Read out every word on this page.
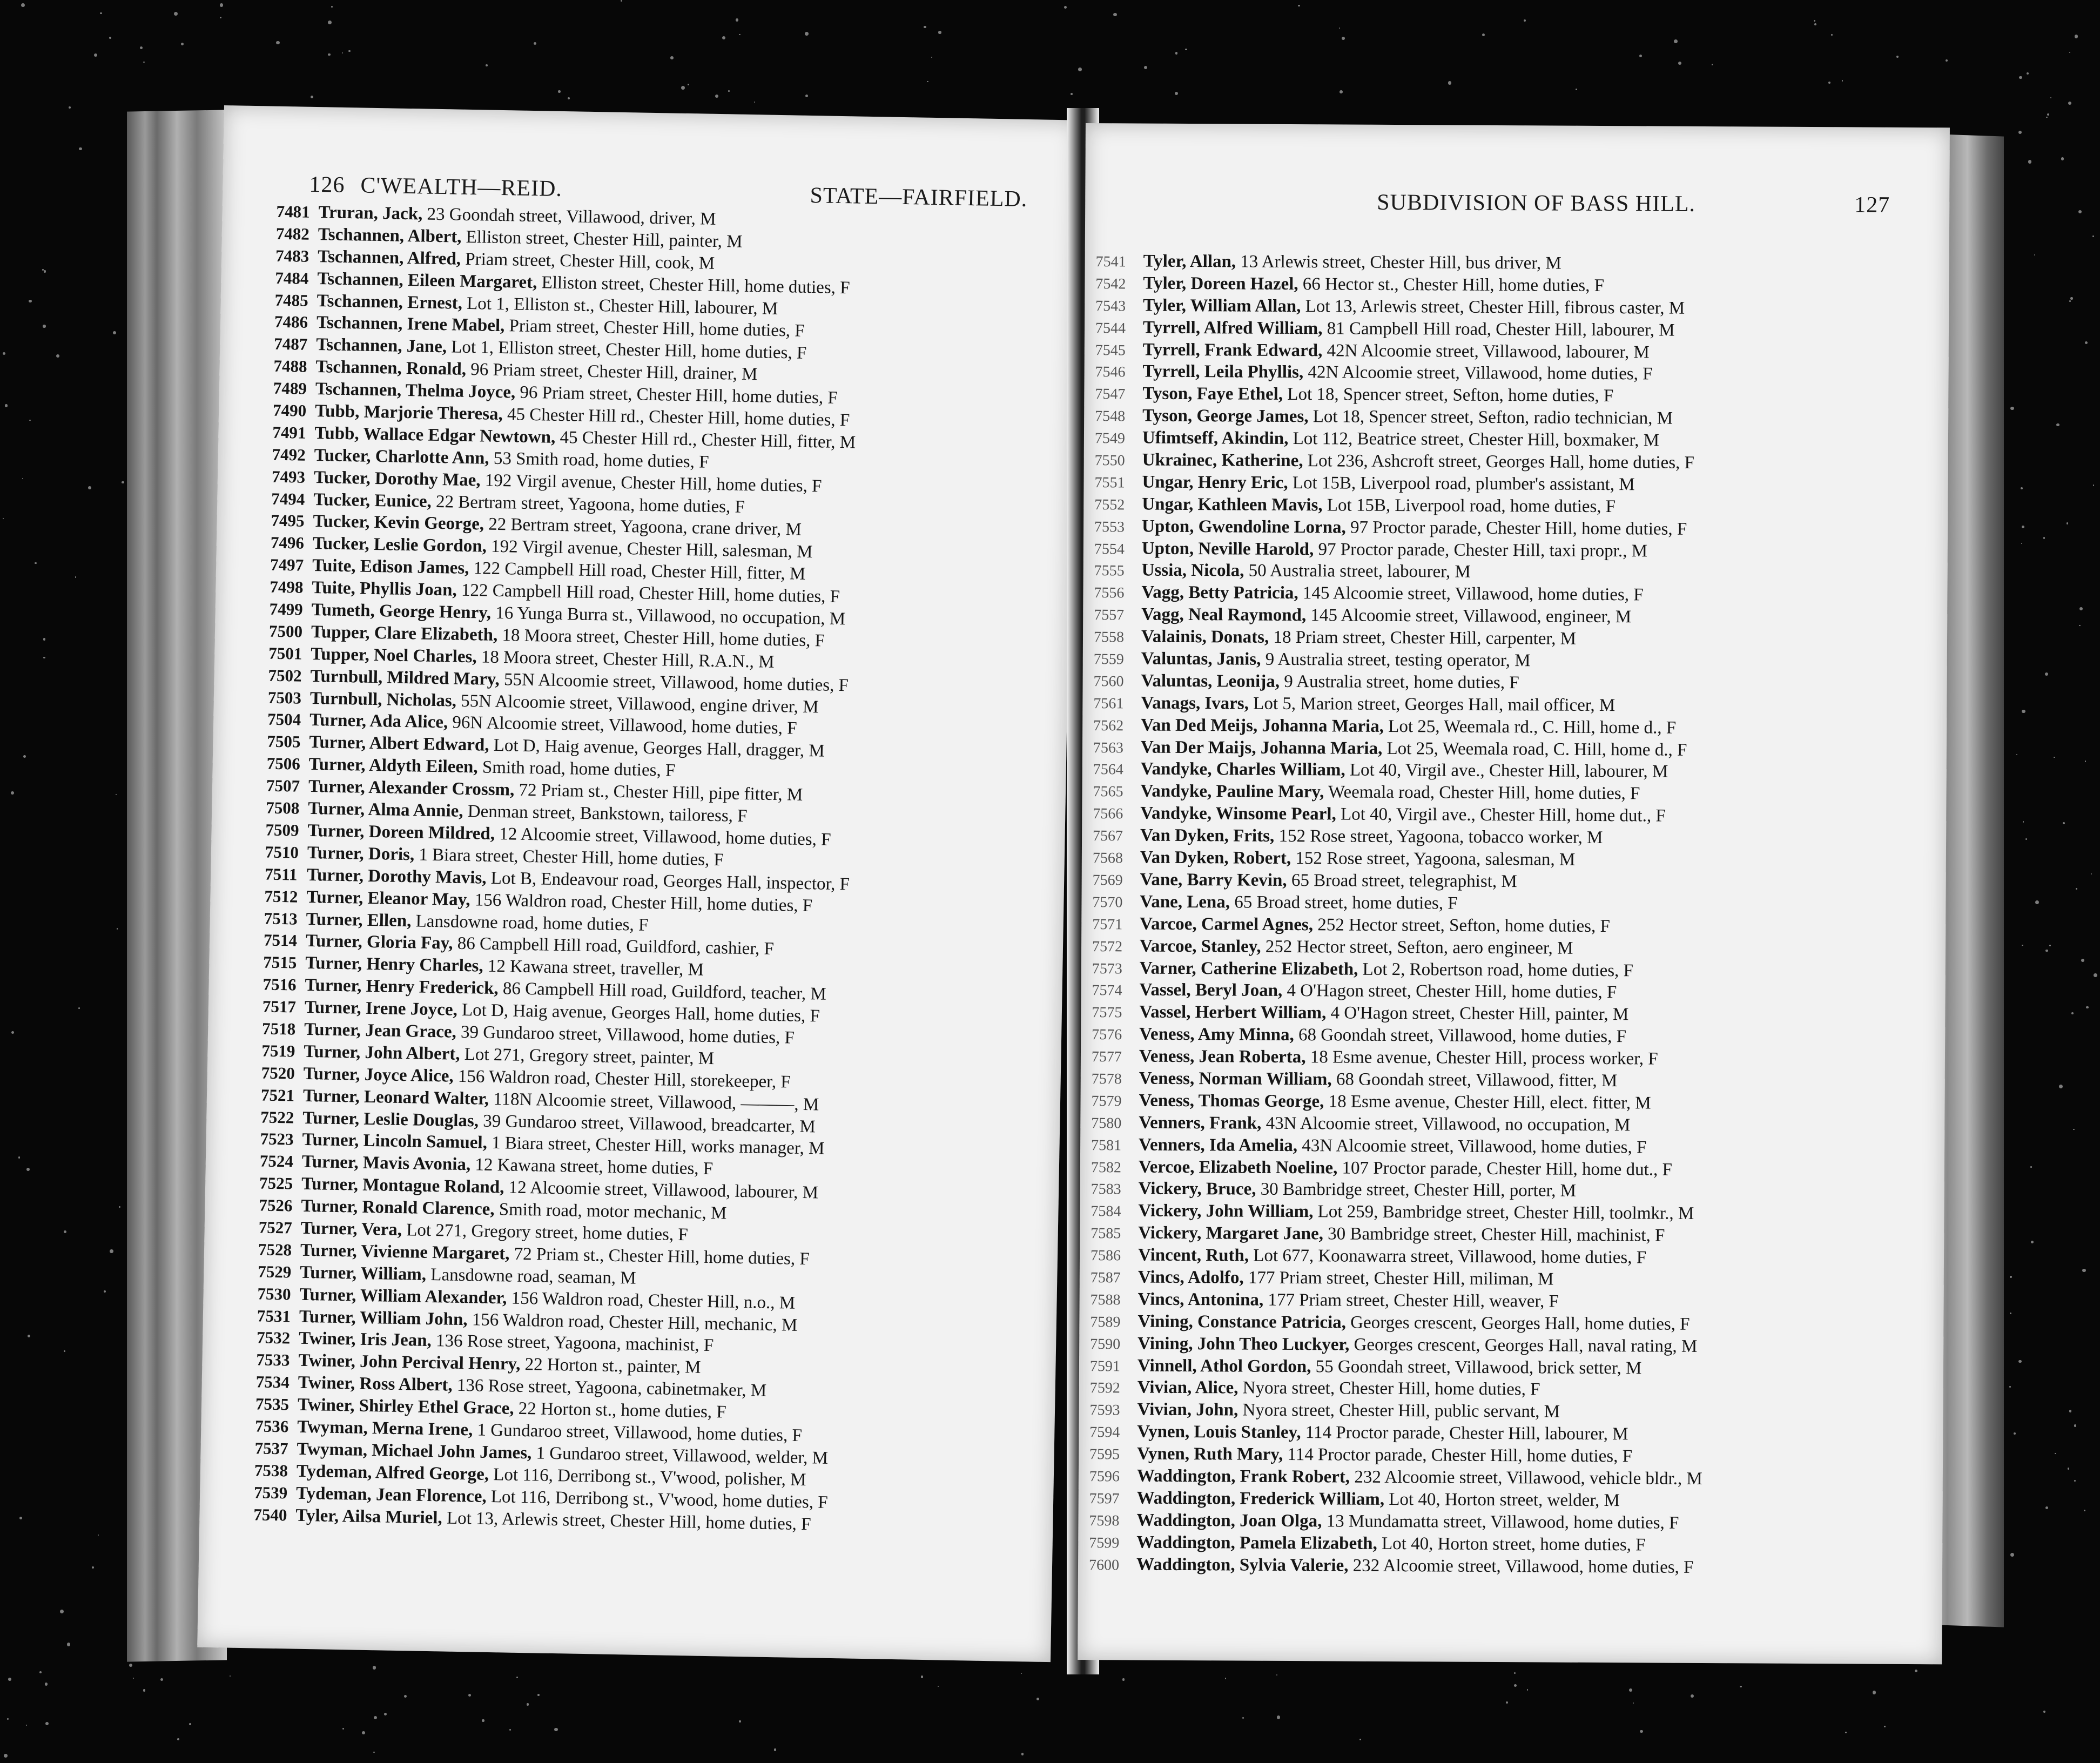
126 C'WEALTH—REID.	STATE—FAIRFIELD.
7481 Truran, Jack, 23 Goondah street, Villawood, driver, M
7482 Tschannen, Albert, Elliston street, Chester Hill, painter, M
7483 Tschannen, Alfred, Priam street, Chester Hill, cook, M
7484 Tschannen, Eileen Margaret, Elliston street, Chester Hill, home duties, F
7485 Tschannen, Ernest, Lot 1, Elliston st., Chester Hill, labourer, M
7486 Tschannen, Irene Mabel, Priam street, Chester Hill, home duties, F
7487 Tschannen, Jane, Lot 1, Elliston street, Chester Hill, home duties, F
7488 Tschannen, Ronald, 96 Priam street, Chester Hill, drainer, M
7489 Tschannen, Thelma Joyce, 96 Priam street, Chester Hill, home duties, F
7490 Tubb, Marjorie Theresa, 45 Chester Hill rd., Chester Hill, home duties, F
7491 Tubb, Wallace Edgar Newtown, 45 Chester Hill rd., Chester Hill, fitter, M
7492 Tucker, Charlotte Ann, 53 Smith road, home duties, F
7493 Tucker, Dorothy Mae, 192 Virgil avenue, Chester Hill, home duties, F
7494 Tucker, Eunice, 22 Bertram street, Yagoona, home duties, F
7495 Tucker, Kevin George, 22 Bertram street, Yagoona, crane driver, M
7496 Tucker, Leslie Gordon, 192 Virgil avenue, Chester Hill, salesman, M
7497 Tuite, Edison James, 122 Campbell Hill road, Chester Hill, fitter, M
7498 Tuite, Phyllis Joan, 122 Campbell Hill road, Chester Hill, home duties, F
7499 Tumeth, George Henry, 16 Yunga Burra st., Villawood, no occupation, M
7500 Tupper, Clare Elizabeth, 18 Moora street, Chester Hill, home duties, F
7501 Tupper, Noel Charles, 18 Moora street, Chester Hill, R.A.N., M
7502 Turnbull, Mildred Mary, 55N Alcoomie street, Villawood, home duties, F
7503 Turnbull, Nicholas, 55N Alcoomie street, Villawood, engine driver, M
7504 Turner, Ada Alice, 96N Alcoomie street, Villawood, home duties, F
7505 Turner, Albert Edward, Lot D, Haig avenue, Georges Hall, dragger, M
7506 Turner, Aldyth Eileen, Smith road, home duties, F
7507 Turner, Alexander Crossm, 72 Priam st., Chester Hill, pipe fitter, M
7508 Turner, Alma Annie, Denman street, Bankstown, tailoress, F
7509 Turner, Doreen Mildred, 12 Alcoomie street, Villawood, home duties, F
7510 Turner, Doris, 1 Biara street, Chester Hill, home duties, F
7511 Turner, Dorothy Mavis, Lot B, Endeavour road, Georges Hall, inspector, F
7512 Turner, Eleanor May, 156 Waldron road, Chester Hill, home duties, F
7513 Turner, Ellen, Lansdowne road, home duties, F
7514 Turner, Gloria Fay, 86 Campbell Hill road, Guildford, cashier, F
7515 Turner, Henry Charles, 12 Kawana street, traveller, M
7516 Turner, Henry Frederick, 86 Campbell Hill road, Guildford, teacher, M
7517 Turner, Irene Joyce, Lot D, Haig avenue, Georges Hall, home duties, F
7518 Turner, Jean Grace, 39 Gundaroo street, Villawood, home duties, F
7519 Turner, John Albert, Lot 271, Gregory street, painter, M
7520 Turner, Joyce Alice, 156 Waldron road, Chester Hill, storekeeper, F
7521 Turner, Leonard Walter, 118N Alcoomie street, Villawood, ———, M
7522 Turner, Leslie Douglas, 39 Gundaroo street, Villawood, breadcarter, M
7523 Turner, Lincoln Samuel, 1 Biara street, Chester Hill, works manager, M
7524 Turner, Mavis Avonia, 12 Kawana street, home duties, F
7525 Turner, Montague Roland, 12 Alcoomie street, Villawood, labourer, M
7526 Turner, Ronald Clarence, Smith road, motor mechanic, M
7527 Turner, Vera, Lot 271, Gregory street, home duties, F
7528 Turner, Vivienne Margaret, 72 Priam st., Chester Hill, home duties, F
7529 Turner, William, Lansdowne road, seaman, M
7530 Turner, William Alexander, 156 Waldron road, Chester Hill, n.o., M
7531 Turner, William John, 156 Waldron road, Chester Hill, mechanic, M
7532 Twiner, Iris Jean, 136 Rose street, Yagoona, machinist, F
7533 Twiner, John Percival Henry, 22 Horton st., painter, M
7534 Twiner, Ross Albert, 136 Rose street, Yagoona, cabinetmaker, M
7535 Twiner, Shirley Ethel Grace, 22 Horton st., home duties, F
7536 Twyman, Merna Irene, 1 Gundaroo street, Villawood, home duties, F
7537 Twyman, Michael John James, 1 Gundaroo street, Villawood, welder, M
7538 Tydeman, Alfred George, Lot 116, Derribong st., V'wood, polisher, M
7539 Tydeman, Jean Florence, Lot 116, Derribong st., V'wood, home duties, F
7540 Tyler, Ailsa Muriel, Lot 13, Arlewis street, Chester Hill, home duties, F
SUBDIVISION OF BASS HILL.	127
7541 Tyler, Allan, 13 Arlewis street, Chester Hill, bus driver, M
7542 Tyler, Doreen Hazel, 66 Hector st., Chester Hill, home duties, F
7543 Tyler, William Allan, Lot 13, Arlewis street, Chester Hill, fibrous caster, M
7544 Tyrrell, Alfred William, 81 Campbell Hill road, Chester Hill, labourer, M
7545 Tyrrell, Frank Edward, 42N Alcoomie street, Villawood, labourer, M
7546 Tyrrell, Leila Phyllis, 42N Alcoomie street, Villawood, home duties, F
7547 Tyson, Faye Ethel, Lot 18, Spencer street, Sefton, home duties, F
7548 Tyson, George James, Lot 18, Spencer street, Sefton, radio technician, M
7549 Ufimtseff, Akindin, Lot 112, Beatrice street, Chester Hill, boxmaker, M
7550 Ukrainec, Katherine, Lot 236, Ashcroft street, Georges Hall, home duties, F
7551 Ungar, Henry Eric, Lot 15B, Liverpool road, plumber's assistant, M
7552 Ungar, Kathleen Mavis, Lot 15B, Liverpool road, home duties, F
7553 Upton, Gwendoline Lorna, 97 Proctor parade, Chester Hill, home duties, F
7554 Upton, Neville Harold, 97 Proctor parade, Chester Hill, taxi propr., M
7555 Ussia, Nicola, 50 Australia street, labourer, M
7556 Vagg, Betty Patricia, 145 Alcoomie street, Villawood, home duties, F
7557 Vagg, Neal Raymond, 145 Alcoomie street, Villawood, engineer, M
7558 Valainis, Donats, 18 Priam street, Chester Hill, carpenter, M
7559 Valuntas, Janis, 9 Australia street, testing operator, M
7560 Valuntas, Leonija, 9 Australia street, home duties, F
7561 Vanags, Ivars, Lot 5, Marion street, Georges Hall, mail officer, M
7562 Van Ded Meijs, Johanna Maria, Lot 25, Weemala rd., C. Hill, home d., F
7563 Van Der Maijs, Johanna Maria, Lot 25, Weemala road, C. Hill, home d., F
7564 Vandyke, Charles William, Lot 40, Virgil ave., Chester Hill, labourer, M
7565 Vandyke, Pauline Mary, Weemala road, Chester Hill, home duties, F
7566 Vandyke, Winsome Pearl, Lot 40, Virgil ave., Chester Hill, home dut., F
7567 Van Dyken, Frits, 152 Rose street, Yagoona, tobacco worker, M
7568 Van Dyken, Robert, 152 Rose street, Yagoona, salesman, M
7569 Vane, Barry Kevin, 65 Broad street, telegraphist, M
7570 Vane, Lena, 65 Broad street, home duties, F
7571 Varcoe, Carmel Agnes, 252 Hector street, Sefton, home duties, F
7572 Varcoe, Stanley, 252 Hector street, Sefton, aero engineer, M
7573 Varner, Catherine Elizabeth, Lot 2, Robertson road, home duties, F
7574 Vassel, Beryl Joan, 4 O'Hagon street, Chester Hill, home duties, F
7575 Vassel, Herbert William, 4 O'Hagon street, Chester Hill, painter, M
7576 Veness, Amy Minna, 68 Goondah street, Villawood, home duties, F
7577 Veness, Jean Roberta, 18 Esme avenue, Chester Hill, process worker, F
7578 Veness, Norman William, 68 Goondah street, Villawood, fitter, M
7579 Veness, Thomas George, 18 Esme avenue, Chester Hill, elect. fitter, M
7580 Venners, Frank, 43N Alcoomie street, Villawood, no occupation, M
7581 Venners, Ida Amelia, 43N Alcoomie street, Villawood, home duties, F
7582 Vercoe, Elizabeth Noeline, 107 Proctor parade, Chester Hill, home dut., F
7583 Vickery, Bruce, 30 Bambridge street, Chester Hill, porter, M
7584 Vickery, John William, Lot 259, Bambridge street, Chester Hill, toolmkr., M
7585 Vickery, Margaret Jane, 30 Bambridge street, Chester Hill, machinist, F
7586 Vincent, Ruth, Lot 677, Koonawarra street, Villawood, home duties, F
7587 Vincs, Adolfo, 177 Priam street, Chester Hill, miliman, M
7588 Vincs, Antonina, 177 Priam street, Chester Hill, weaver, F
7589 Vining, Constance Patricia, Georges crescent, Georges Hall, home duties, F
7590 Vining, John Theo Luckyer, Georges crescent, Georges Hall, naval rating, M
7591 Vinnell, Athol Gordon, 55 Goondah street, Villawood, brick setter, M
7592 Vivian, Alice, Nyora street, Chester Hill, home duties, F
7593 Vivian, John, Nyora street, Chester Hill, public servant, M
7594 Vynen, Louis Stanley, 114 Proctor parade, Chester Hill, labourer, M
7595 Vynen, Ruth Mary, 114 Proctor parade, Chester Hill, home duties, F
7596 Waddington, Frank Robert, 232 Alcoomie street, Villawood, vehicle bldr., M
7597 Waddington, Frederick William, Lot 40, Horton street, welder, M
7598 Waddington, Joan Olga, 13 Mundamatta street, Villawood, home duties, F
7599 Waddington, Pamela Elizabeth, Lot 40, Horton street, home duties, F
7600 Waddington, Sylvia Valerie, 232 Alcoomie street, Villawood, home duties, F
